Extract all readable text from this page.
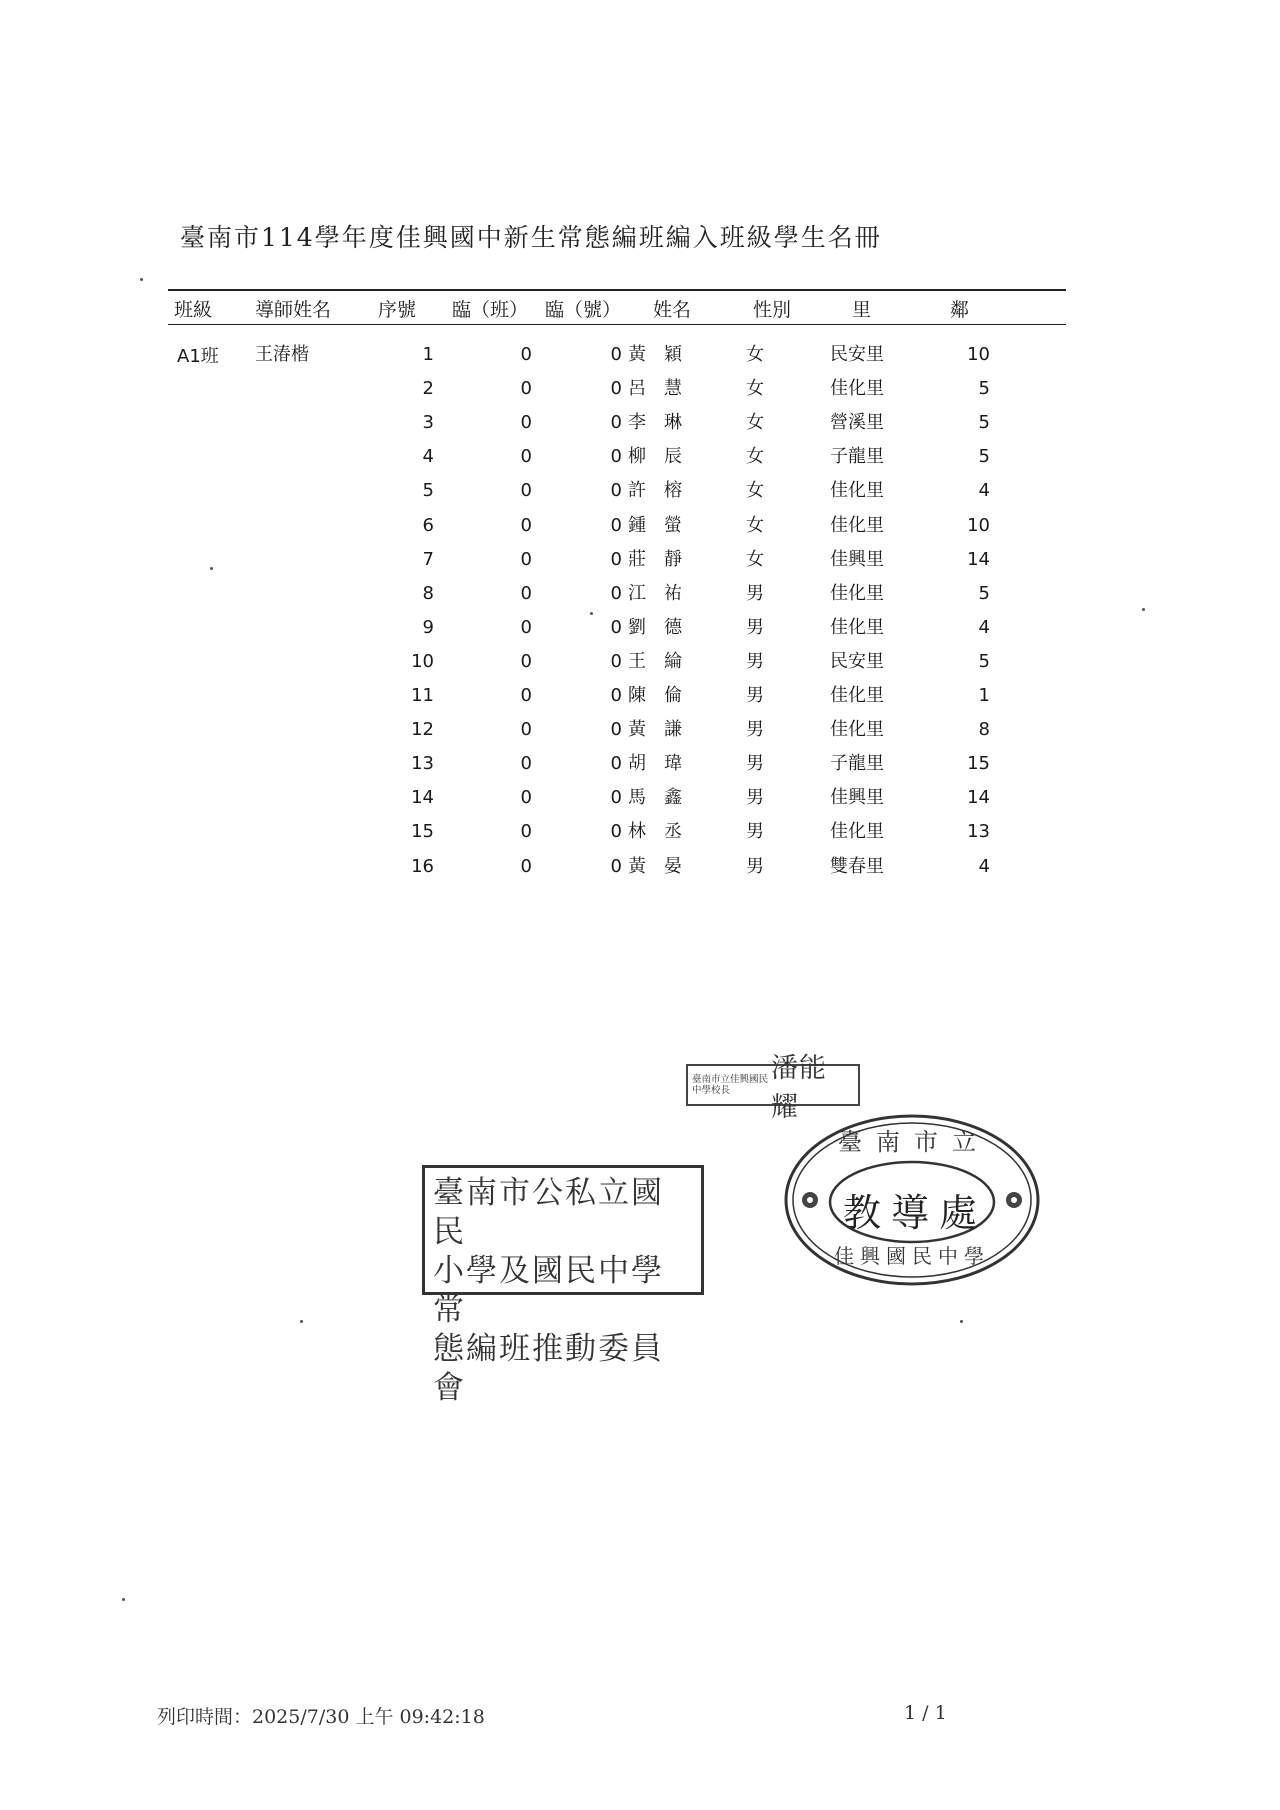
臺南市114學年度佳興國中新生常態編班編入班級學生名冊
班級 導師姓名 序號 臨（班） 臨（號） 姓名	性別	里	鄰
A1班 王湷楷	1	0	0 黃　穎	女	民安里	10
2	0	0 呂　慧	女	佳化里	5
3	0	0 李　琳	女	營溪里	5
4	0	0 柳　辰	女	子龍里	5
5	0	0 許　榕	女	佳化里	4
6	0	0 鍾　螢	女	佳化里	10
7	0	0 莊　靜	女	佳興里	14
8	0	0 江　祐	男	佳化里	5
9	0	0 劉　德	男	佳化里	4
10	0	0 王　綸	男	民安里	5
11	0	0 陳　倫	男	佳化里	1
12	0	0 黃　謙	男	佳化里	8
13	0	0 胡　瑋	男	子龍里	15
14	0	0 馬　鑫	男	佳興里	14
15	0	0 林　丞	男	佳化里	13
16	0	0 黃　晏	男	雙春里	4
臺南市立佳興國民中學校長
潘能耀
臺南市公私立國民
小學及國民中學常
態編班推動委員會
臺南市立
教導處
佳興國民中學
列印時間：2025/7/30 上午 09:42:18	1 / 1
